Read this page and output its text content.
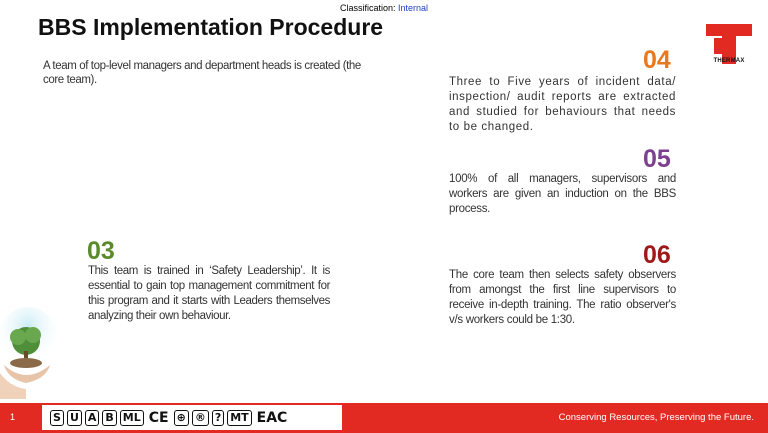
Classification: Internal
BBS Implementation Procedure
THERMAX
A team of top-level managers and department heads is created (the core team).
04
Three to Five years of incident data/ inspection/ audit reports are extracted and studied for behaviours that needs to be changed.
05
100% of all managers, supervisors and workers are given an induction on the BBS process.
03
This team is trained in ‘Safety Leadership’. It is essential to gain top management commitment for this program and it starts with Leaders themselves analyzing their own behaviour.
06
The core team then selects safety observers from amongst the first line supervisors to receive in-depth training. The ratio observer's v/s workers could be 1:30.
1	S U A B ML CE ⊕ ® ? MT EAC	Conserving Resources, Preserving the Future.
